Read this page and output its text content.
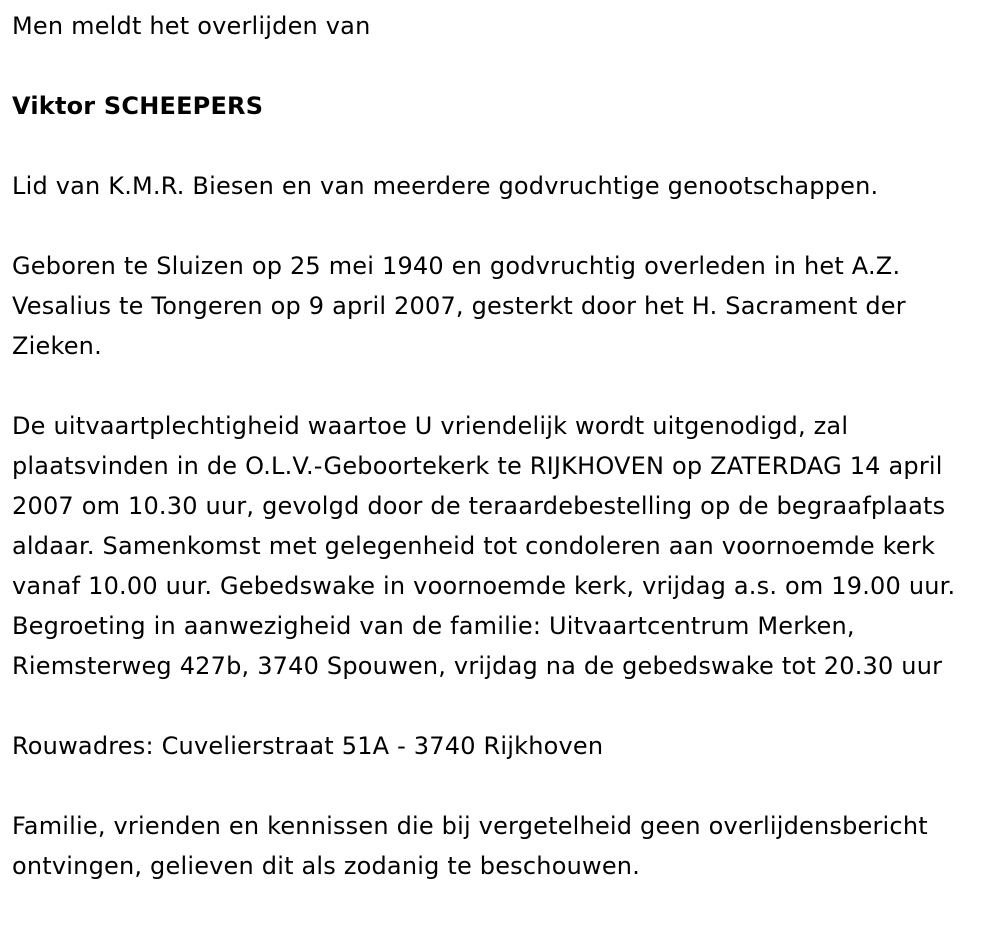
Men meldt het overlijden van

Viktor SCHEEPERS

Lid van K.M.R. Biesen en van meerdere godvruchtige genootschappen.

Geboren te Sluizen op 25 mei 1940 en godvruchtig overleden in het A.Z. Vesalius te Tongeren op 9 april 2007, gesterkt door het H. Sacrament der Zieken.

De uitvaartplechtigheid waartoe U vriendelijk wordt uitgenodigd, zal plaatsvinden in de O.L.V.-Geboortekerk te RIJKHOVEN op ZATERDAG 14 april 2007 om 10.30 uur, gevolgd door de teraardebestelling op de begraafplaats aldaar. Samenkomst met gelegenheid tot condoleren aan voornoemde kerk vanaf 10.00 uur. Gebedswake in voornoemde kerk, vrijdag a.s. om 19.00 uur. Begroeting in aanwezigheid van de familie: Uitvaartcentrum Merken, Riemsterweg 427b, 3740 Spouwen, vrijdag na de gebedswake tot 20.30 uur

Rouwadres: Cuvelierstraat 51A - 3740 Rijkhoven

Familie, vrienden en kennissen die bij vergetelheid geen overlijdensbericht ontvingen, gelieven dit als zodanig te beschouwen.
